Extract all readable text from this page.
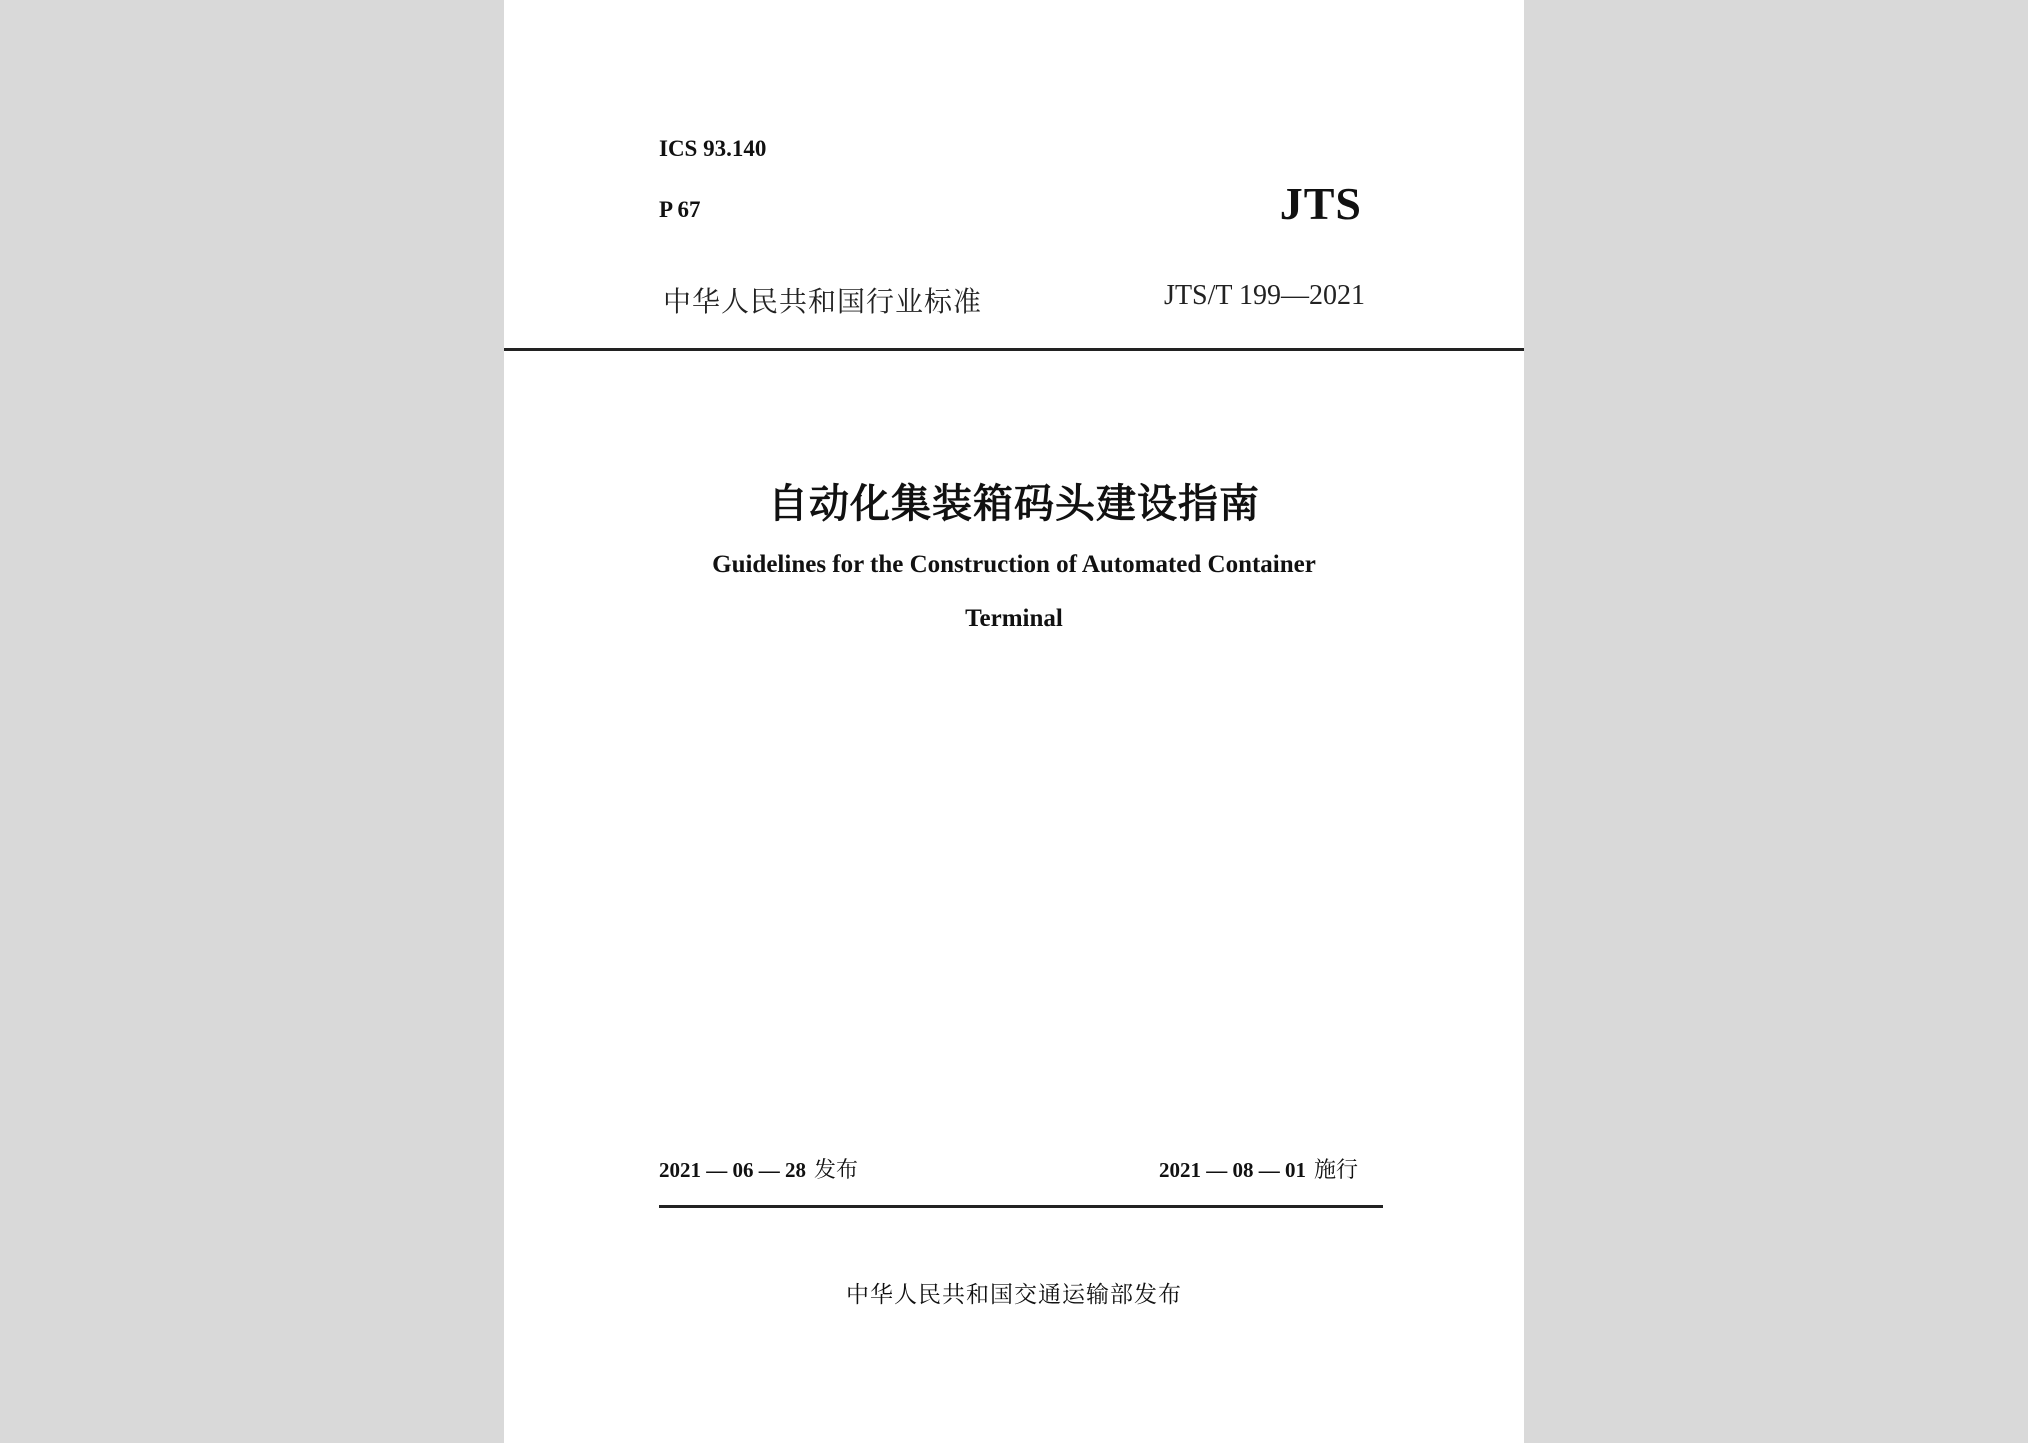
ICS 93.140
P 67	JTS
中华人民共和国行业标准	JTS/T 199—2021
自动化集装箱码头建设指南
Guidelines for the Construction of Automated Container
Terminal
2021 — 06 — 28 发布	2021 — 08 — 01 施行
中华人民共和国交通运输部发布
